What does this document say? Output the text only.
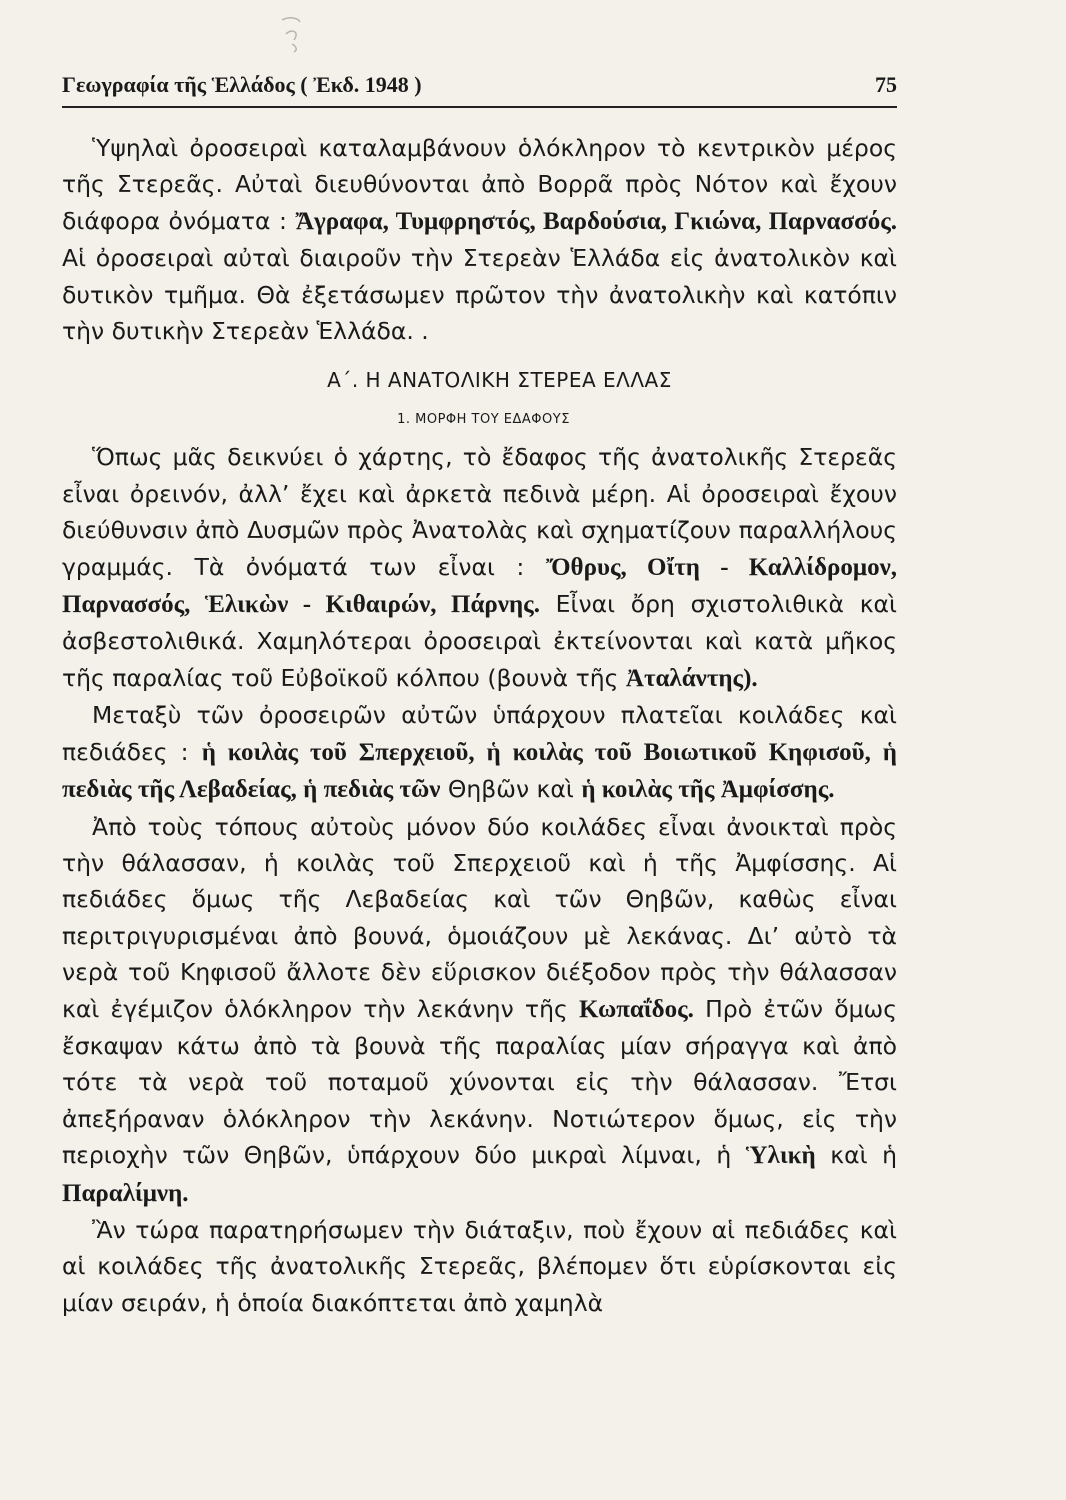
Γεωγραφία τῆς Ἑλλάδος ( Ἐκδ. 1948 )	75

Ὑψηλαὶ ὀροσειραὶ καταλαμβάνουν ὁλόκληρον τὸ κεντρικὸν μέρος τῆς Στερεᾶς. Αὐταὶ διευθύνονται ἀπὸ Βορρᾶ πρὸς Νότον καὶ ἔχουν διάφορα ὀνόματα : Ἄγραφα, Τυμφρηστός, Βαρδούσια, Γκιώνα, Παρνασσός. Αἱ ὀροσειραὶ αὐταὶ διαιροῦν τὴν Στερεὰν Ἑλλάδα εἰς ἀνατολικὸν καὶ δυτικὸν τμῆμα. Θὰ ἐξετάσωμεν πρῶτον τὴν ἀνατολικὴν καὶ κατόπιν τὴν δυτικὴν Στερεὰν Ἑλλάδα. .

Α΄. Η ΑΝΑΤΟΛΙΚΗ ΣΤΕΡΕΑ ΕΛΛΑΣ
1. ΜΟΡΦΗ ΤΟΥ ΕΔΑΦΟΥΣ

Ὅπως μᾶς δεικνύει ὁ χάρτης, τὸ ἔδαφος τῆς ἀνατολικῆς Στερεᾶς εἶναι ὀρεινόν, ἀλλ’ ἔχει καὶ ἀρκετὰ πεδινὰ μέρη. Αἱ ὀροσειραὶ ἔχουν διεύθυνσιν ἀπὸ Δυσμῶν πρὸς Ἀνατολὰς καὶ σχηματίζουν παραλλήλους γραμμάς. Τὰ ὀνόματά των εἶναι : Ὄθρυς, Οἴτη - Καλλίδρομον, Παρνασσός, Ἑλικὼν - Κιθαιρών, Πάρνης. Εἶναι ὄρη σχιστολιθικὰ καὶ ἀσβεστολιθικά. Χαμηλότεραι ὀροσειραὶ ἐκτείνονται καὶ κατὰ μῆκος τῆς παραλίας τοῦ Εὐβοϊκοῦ κόλπου (βουνὰ τῆς Ἀταλάντης).

Μεταξὺ τῶν ὀροσειρῶν αὐτῶν ὑπάρχουν πλατεῖαι κοιλάδες καὶ πεδιάδες : ἡ κοιλὰς τοῦ Σπερχειοῦ, ἡ κοιλὰς τοῦ Βοιωτικοῦ Κηφισοῦ, ἡ πεδιὰς τῆς Λεβαδείας, ἡ πεδιὰς τῶν Θηβῶν καὶ ἡ κοιλὰς τῆς Ἀμφίσσης.

Ἀπὸ τοὺς τόπους αὐτοὺς μόνον δύο κοιλάδες εἶναι ἀνοικταὶ πρὸς τὴν θάλασσαν, ἡ κοιλὰς τοῦ Σπερχειοῦ καὶ ἡ τῆς Ἀμφίσσης. Αἱ πεδιάδες ὅμως τῆς Λεβαδείας καὶ τῶν Θηβῶν, καθὼς εἶναι περιτριγυρισμέναι ἀπὸ βουνά, ὁμοιάζουν μὲ λεκάνας. Δι’ αὐτὸ τὰ νερὰ τοῦ Κηφισοῦ ἄλλοτε δὲν εὕρισκον διέξοδον πρὸς τὴν θάλασσαν καὶ ἐγέμιζον ὁλόκληρον τὴν λεκάνην τῆς Κωπαΐδος. Πρὸ ἐτῶν ὅμως ἔσκαψαν κάτω ἀπὸ τὰ βουνὰ τῆς παραλίας μίαν σήραγγα καὶ ἀπὸ τότε τὰ νερὰ τοῦ ποταμοῦ χύνονται εἰς τὴν θάλασσαν. Ἔτσι ἀπεξήραναν ὁλόκληρον τὴν λεκάνην. Νοτιώτερον ὅμως, εἰς τὴν περιοχὴν τῶν Θηβῶν, ὑπάρχουν δύο μικραὶ λίμναι, ἡ Ὑλικὴ καὶ ἡ Παραλίμνη.

Ἂν τώρα παρατηρήσωμεν τὴν διάταξιν, ποὺ ἔχουν αἱ πεδιάδες καὶ αἱ κοιλάδες τῆς ἀνατολικῆς Στερεᾶς, βλέπομεν ὅτι εὑρίσκονται εἰς μίαν σειράν, ἡ ὁποία διακόπτεται ἀπὸ χαμηλὰ
